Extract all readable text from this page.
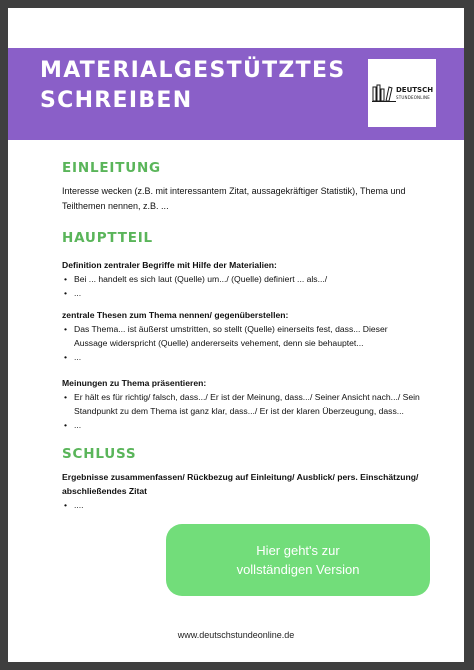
MATERIALGESTÜTZTES
SCHREIBEN	DEUTSCH
STUNDEONLINE
EINLEITUNG

Interesse wecken (z.B. mit interessantem Zitat, aussagekräftiger Statistik), Thema und Teilthemen nennen, z.B. ...

HAUPTTEIL

Definition zentraler Begriffe mit Hilfe der Materialien:

• Bei ... handelt es sich laut (Quelle) um.../ (Quelle) definiert ... als.../
• ...

zentrale Thesen zum Thema nennen/ gegenüberstellen:

• Das Thema... ist äußerst umstritten, so stellt (Quelle) einerseits fest, dass... Dieser Aussage widerspricht (Quelle) andererseits vehement, denn sie behauptet...
• ...

Meinungen zu Thema präsentieren:

• Er hält es für richtig/ falsch, dass.../ Er ist der Meinung, dass.../ Seiner Ansicht nach.../ Sein Standpunkt zu dem Thema ist ganz klar, dass.../ Er ist der klaren Überzeugung, dass...
• ...
SCHLUSS

Ergebnisse zusammenfassen/ Rückbezug auf Einleitung/ Ausblick/ pers. Einschätzung/ abschließendes Zitat

• ....
Hier geht's zur
vollständigen Version
www.deutschstundeonline.de
